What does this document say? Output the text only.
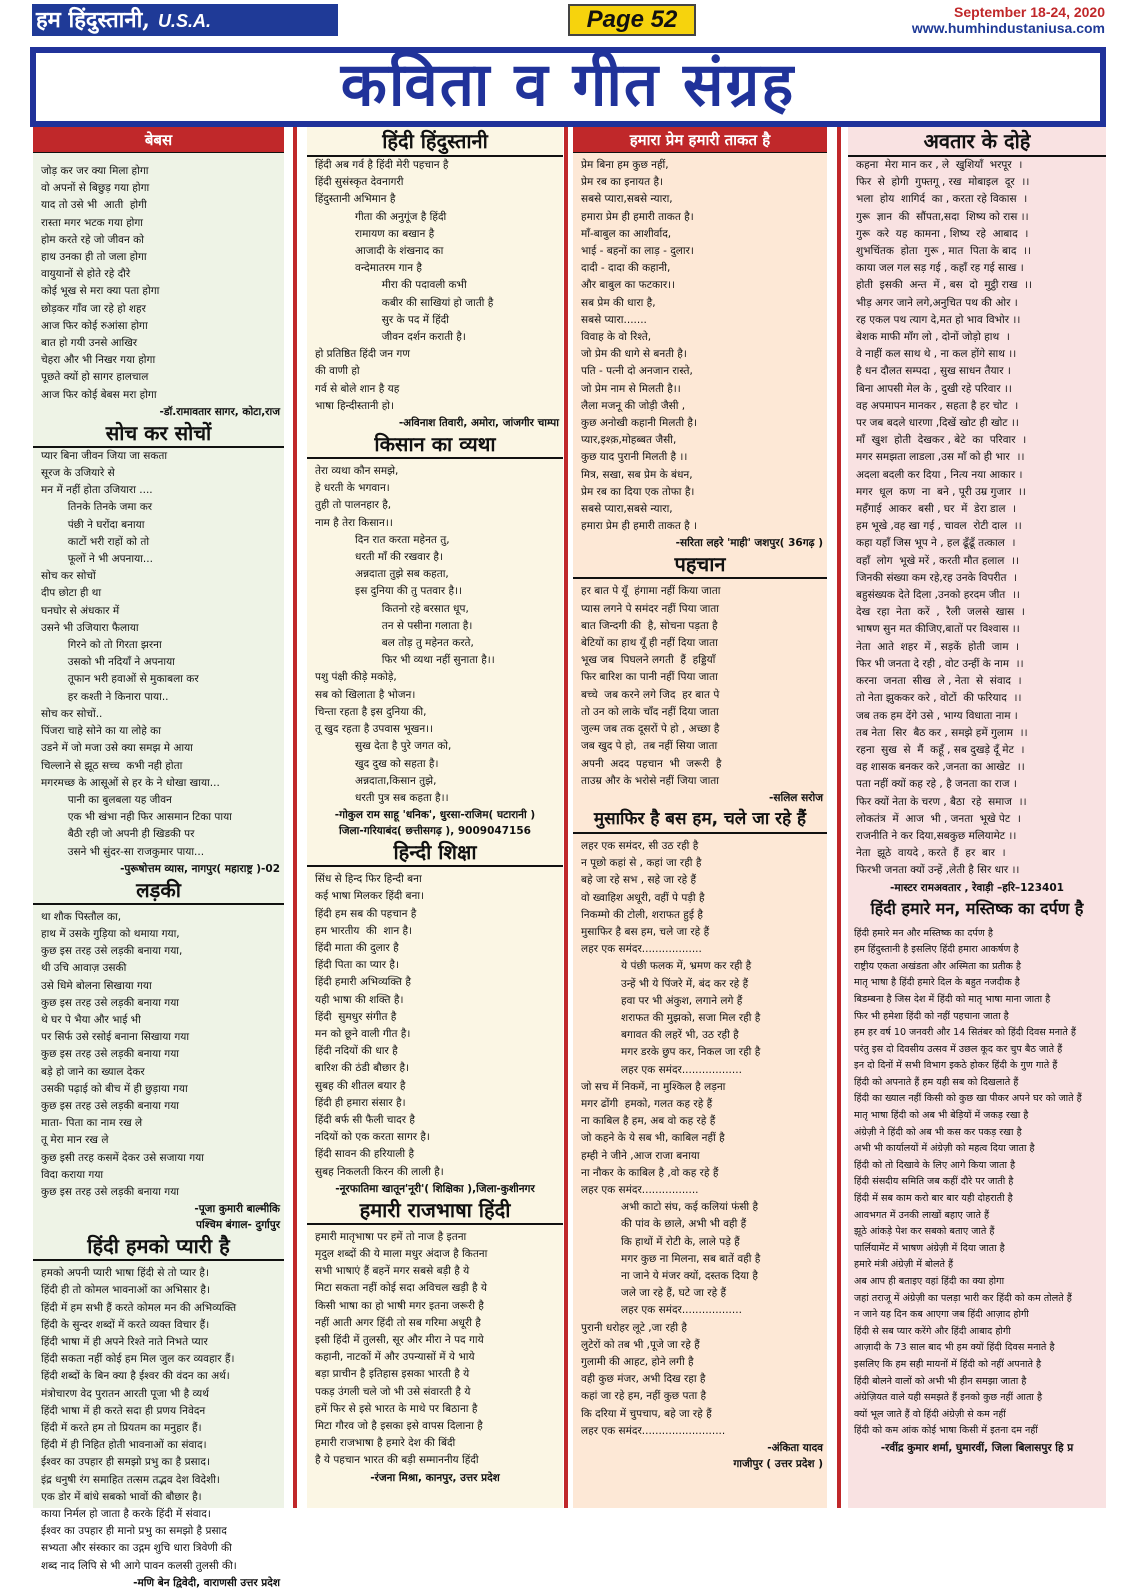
हम हिंदुस्तानी, U.S.A.	Page 52	September 18-24, 2020
www.humhindustaniusa.com
कविता व गीत संग्रह
बेबस
जोड़ कर जर क्या मिला होगा
वो अपनों से बिछुड़ गया होगा
याद तो उसे भी  आती  होगी
रास्ता मगर भटक गया होगा
होम करते रहे जो जीवन को
हाथ उनका ही तो जला होगा
वायुयानों से होते रहे दौरे
कोई भूख से मरा क्या पता होगा
छोड़कर गाँव जा रहे हो शहर
आज फिर कोई रुआंसा होगा
बात हो गयी उनसे आखिर
चेहरा और भी निखर गया होगा
पूछते क्यों हो सागर हालचाल
आज फिर कोई बेबस मरा होगा
-डॉ.रामावतार सागर, कोटा,राज
सोच कर सोचों
प्यार बिना जीवन जिया जा सकता
सूरज के उजियारे से
मन में नहीं होता उजियारा ....
तिनके तिनके जमा कर
पंछी ने घरोंदा बनाया
काटों भरी राहों को तो
फूलों ने भी अपनाया...
सोच कर सोचों
दीप छोटा ही था
घनघोर से अंधकार में
उसने भी उजियारा फैलाया
गिरने को तो गिरता झरना
उसको भी नदियाँ ने अपनाया
तूफान भरी हवाओं से मुकाबला कर
हर कश्ती ने किनारा पाया..
सोच कर सोचों..
पिंजरा चाहे सोने का या लोहे का
उडने में जो मजा उसे क्या समझ मे आया
चिल्लाने से झूठ सच्च  कभी नही होता
मगरमच्छ के आसूओं से हर के ने धोखा खाया...
पानी का बुलबला यह जीवन
एक भी खंभा नही फिर आसमान टिका पाया
बैठी रही जो अपनी ही खिडकी पर
उसने भी सुंदर-सा राजकुमार पाया...
-पुरूषोत्तम व्यास, नागपुर( महाराष्ट्र )-02
लड़की
था शौक पिस्तौल का,
हाथ में उसके गुड़िया को थमाया गया,
कुछ इस तरह उसे लड़की बनाया गया,
थी उचि आवाज़ उसकी
उसे धिमे बोलना सिखाया गया
कुछ इस तरह उसे लड़की बनाया गया
थे घर पे भैया और भाई भी
पर सिर्फ उसे रसोई बनाना सिखाया गया
कुछ इस तरह उसे लड़की बनाया गया
बड़े हो जाने का ख्याल देकर
उसकी पढ़ाई को बीच में ही छुड़ाया गया
कुछ इस तरह उसे लड़की बनाया गया
माता- पिता का नाम रख ले
तू मेरा मान रख ले
कुछ इसी तरह कसमें देकर उसे सजाया गया
विदा कराया गया
कुछ इस तरह उसे लड़की बनाया गया
-पूजा कुमारी बाल्मीकि
पश्चिम बंगाल- दुर्गापुर
हिंदी हमको प्यारी है
हमको अपनी प्यारी भाषा हिंदी से तो प्यार है।
हिंदी ही तो कोमल भावनाओं का अभिसार है।
हिंदी में हम सभी हैं करते कोमल मन की अभिव्यक्ति
हिंदी के सुन्दर शब्दों में करते व्यक्त विचार हैं।
हिंदी भाषा में ही अपने रिश्ते नाते निभते प्यार
हिंदी सकता नहीं कोई हम मिल जुल कर व्यवहार हैं।
हिंदी शब्दों के बिन क्या है ईश्वर की वंदन का अर्थ।
मंत्रोचारण वेद पुरातन आरती पूजा भी है व्यर्थ
हिंदी भाषा में ही करते सदा ही प्रणय निवेदन
हिंदी में करते हम तो प्रियतम का मनुहार हैं।
हिंदी में ही निहित होती भावनाओं का संवाद।
ईश्वर का उपहार ही समझो प्रभु का है प्रसाद।
इंद्र धनुषी रंग समाहित तत्सम तद्भव देश विदेशी।
एक डोर में बांधे सबको भावों की बौछार है।
काया निर्मल हो जाता है करके हिंदी में संवाद।
ईश्वर का उपहार ही मानो प्रभु का समझो है प्रसाद
सभ्यता और संस्कार का उद्गम शुचि धारा त्रिवेणी की
शब्द नाद लिपि से भी आगे पावन कलसी तुलसी की।
-मणि बेन द्विवेदी, वाराणसी उत्तर प्रदेश
हिंदी हिंदुस्तानी
हिंदी अब गर्व है हिंदी मेरी पहचान है
हिंदी सुसंस्कृत देवनागरी
हिंदुस्तानी अभिमान है
गीता की अनुगूंज है हिंदी
रामायण का बखान है
आजादी के शंखनाद का
वन्देमातरम गान है
मीरा की पदावली कभी
कबीर की साखियां हो जाती है
सुर के पद में हिंदी
जीवन दर्शन कराती है।
हो प्रतिष्ठित हिंदी जन गण
की वाणी हो
गर्व से बोले शान है यह
भाषा हिन्दीस्तानी हो।
-अविनाश तिवारी, अमोरा, जांजगीर चाम्पा
किसान का व्यथा
तेरा व्यथा कौन समझे,
हे धरती के भगवान।
तुही तो पालनहार है,
नाम है तेरा किसान।।
दिन रात करता महेनत तु,
धरती माँ की रखवार है।
अन्नदाता तुझे सब कहता,
इस दुनिया की तु पतवार है।।
कितनो रहे बरसात धूप,
तन से पसीना गलाता है।
बल तोड़ तु महेनत करते,
फिर भी व्यथा नहीं सुनाता है।।
पशु पंक्षी कीड़े मकोड़े,
सब को खिलाता है भोजन।
चिन्ता रहता है इस दुनिया की,
तू खुद रहता है उपवास भूखन।।
सुख देता है पुरे जगत को,
खुद दुख को सहता है।
अन्नदाता,किसान तुझे,
धरती पुत्र सब कहता है।।
-गोकुल राम साहू 'धनिक', धुरसा-राजिम( घटारानी )
जिला-गरियाबंद( छत्तीसगढ़ ), 9009047156
हिन्दी शिक्षा
सिंध से हिन्द फिर हिन्दी बना
कई भाषा मिलकर हिंदी बना।
हिंदी हम सब की पहचान है
हम भारतीय  की  शान है।
हिंदी माता की दुलार है
हिंदी पिता का प्यार है।
हिंदी हमारी अभिव्यक्ति है
यही भाषा की शक्ति है।
हिंदी  सुमधुर संगीत है
मन को छूने वाली गीत है।
हिंदी नदियों की धार है
बारिश की ठंडी बौछार है।
सुबह की शीतल बयार है
हिंदी ही हमारा संसार है।
हिंदी बर्फ सी फैली चादर है
नदियों को एक करता सागर है।
हिंदी सावन की हरियाली है
सुबह निकलती किरन की लाली है।
-नूरफातिमा खातून'नूरी'( शिक्षिका ),जिला-कुशीनगर
हमारी राजभाषा हिंदी
हमारी मातृभाषा पर हमें तो नाज है इतना
मृदुल शब्दों की ये माला मधुर अंदाज है कितना
सभी भाषाएं हैं बहनें मगर सबसे बड़ी है ये
मिटा सकता नहीं कोई सदा अविचल खड़ी है ये
किसी भाषा का हो भाषी मगर इतना जरूरी है
नहीं आती अगर हिंदी तो सब गरिमा अधूरी है
इसी हिंदी में तुलसी, सूर और मीरा ने पद गाये
कहानी, नाटकों में और उपन्यासों में ये भाये
बड़ा प्राचीन है इतिहास इसका भारती है ये
पकड़ उंगली चले जो भी उसे संवारती है ये
हमें फिर से इसे भारत के माथे पर बिठाना है
मिटा गौरव जो है इसका इसे वापस दिलाना है
हमारी राजभाषा है हमारे देश की बिंदी
है ये पहचान भारत की बड़ी सम्माननीय हिंदी
-रंजना मिश्रा, कानपुर, उत्तर प्रदेश
हमारा प्रेम हमारी ताकत है
प्रेम बिना हम कुछ नहीं,
प्रेम रब का इनायत है।
सबसे प्यारा,सबसे न्यारा,
हमारा प्रेम ही हमारी ताकत है।
माँ-बाबुल का आशीर्वाद,
भाई - बहनों का लाड़ - दुलार।
दादी - दादा की कहानी,
और बाबुल का फटकार।।
सब प्रेम की धारा है,
सबसे प्यारा.......
विवाह के वो रिश्ते,
जो प्रेम की धागे से बनती है।
पति - पत्नी दो अनजान रास्ते,
जो प्रेम नाम से मिलती है।।
लैला मजनू की जोड़ी जैसी ,
कुछ अनोखी कहानी मिलती है।
प्यार,इश्क़,मोहब्बत जैसी,
कुछ याद पुरानी मिलती है ।।
मित्र, सखा, सब प्रेम के बंधन,
प्रेम रब का दिया एक तोफा है।
सबसे प्यारा,सबसे न्यारा,
हमारा प्रेम ही हमारी ताकत है ।
-सरिता लहरे 'माही' जशपुर( 36गढ़ )
पहचान
हर बात पे यूँ  हंगामा नहीं किया जाता
प्यास लगने पे समंदर नहीं पिया जाता
बात जिन्दगी की  है, सोचना पड़ता है
बेटियों का हाथ यूँ ही नहीं दिया जाता
भूख जब  पिघलने लगती  हैं  हड्डियाँ
फिर बारिश का पानी नहीं पिया जाता
बच्चे  जब करने लगे जिद  हर बात पे
तो उन को लाके चाँद नहीं दिया जाता
जुल्म जब तक दूसरों पे हो , अच्छा है
जब खुद पे हो,  तब नहीं सिया जाता
अपनी  अदद  पहचान  भी  जरूरी  है
ताउम्र और के भरोसे नहीं जिया जाता
-सलिल सरोज
मुसाफिर है बस हम, चले जा रहे हैं
लहर एक समंदर, सी उठ रही है
न पूछो कहां से , कहां जा रही है
बहे जा रहे सभ , सहे जा रहे हैं
वो ख्वाहिश अधूरी, वहीं पे पड़ी है
निकम्मो की टोली, शराफत हुई है
मुसाफिर है बस हम, चले जा रहे हैं
लहर एक समंदर..................
ये पंछी फलक में, भ्रमण कर रही है
उन्हें भी ये पिंजरे में, बंद कर रहे हैं
हवा पर भी अंकुश, लगाने लगे हैं
शराफत की मुझको, सजा मिल रही है
बगावत की लहरें भी, उठ रही है
मगर डरके छुप कर, निकल जा रही है
लहर एक समंदर..................
जो सच में निकमें, ना मुश्किल है लड़ना
मगर ढोंगी  हमको, गलत कह रहे हैं
ना काबिल है हम, अब वो कह रहे हैं
जो कहने के ये सब भी, काबिल नहीं है
हम्ही ने जीने ,आज राजा बनाया
ना नौकर के काबिल है ,वो कह रहे हैं
लहर एक समंदर.................
अभी काटो संघ, कई कलियां फंसी है
की पांव के छाले, अभी भी वही हैं
कि हाथों में रोटी के, लाले पड़े हैं
मगर कुछ ना मिलना, सब बातें वही है
ना जाने ये मंजर क्यों, दस्तक दिया है
जले जा रहे हैं, घटे जा रहे हैं
लहर एक समंदर..................
पुरानी धरोहर लूटे ,जा रही है
लुटेरों को तब भी ,पूजे जा रहे हैं
गुलामी की आहट, होने लगी है
वही कुछ मंजर, अभी दिख रहा है
कहां जा रहे हम, नहीं कुछ पता है
कि दरिया में चुपचाप, बहे जा रहे हैं
लहर एक समंदर.........................
-अंकिता यादव
गाजीपुर ( उत्तर प्रदेश )
अवतार के दोहे
कहना  मेरा मान कर , ले  खुशियाँ  भरपूर  ।
फिर  से  होगी  गुफ्तगू , रख  मोबाइल  दूर  ।।
भला  होय  शागिर्द  का , करता रहे विकास  ।
गुरू  ज्ञान  की  सौंपता,सदा  शिष्य को रास ।।
गुरू  करे  यह  कामना , शिष्य  रहे  आबाद  ।
शुभचिंतक  होता  गुरू , मात  पिता के बाद  ।।
काया जल गल सड़ गई , कहाँ रह गई साख ।
होती  इसकी  अन्त  में , बस  दो  मुट्ठी राख  ।।
भीड़ अगर जाने लगे,अनुचित पथ की ओर ।
रह एकल पथ त्याग दे,मत हो भाव विभोर ।।
बेशक माफी माँग लो , दोनों जोड़ो हाथ  ।
वे नाहीं कल साथ थे , ना कल होंगे साथ ।।
है धन दौलत सम्पदा , सुख साधन तैयार ।
बिना आपसी मेल के , दुखी रहे परिवार ।।
वह अपमापन मानकर , सहता है हर चोट  ।
पर जब बदले धारणा ,दिखें खोट ही खोट ।।
माँ  खुश  होती  देखकर , बेटे  का  परिवार  ।
मगर समझता लाडला ,उस माँ को ही भार  ।।
अदला बदली कर दिया , नित्य नया आकार ।
मगर  धूल  कण  ना  बने , पूरी उम्र गुजार  ।।
महँगाई  आकर  बसी , घर  में  डेरा डाल  ।
हम भूखे ,वह खा गई , चावल  रोटी दाल  ।।
कहा यहाँ जिस भूप ने , हल ढूँढूँ तत्काल  ।
वहाँ  लोग  भूखे मरें , करती मौत हलाल  ।।
जिनकी संख्या कम रहे,रह उनके विपरीत  ।
बहुसंख्यक देते दिला ,उनको हरदम जीत  ।।
देख  रहा  नेता  करें  ,  रैली  जलसे  खास  ।
भाषण सुन मत कीजिए,बातों पर विश्वास ।।
नेता  आते  शहर  में , सड़कें  होती  जाम  ।
फिर भी जनता दे रही , वोट उन्हीं के नाम  ।।
करना  जनता  सीख  ले , नेता  से  संवाद  ।
तो नेता झुककर करे , वोटों  की फरियाद  ।।
जब तक हम देंगे उसे , भाग्य विधाता नाम ।
तब नेता  सिर  बैठ कर , समझे हमें गुलाम  ।।
रहना  सुख  से  मैं  कहूँ , सब दुखड़े दूँ मेट  ।
वह शासक बनकर करे ,जनता का आखेट  ।।
पता नहीं क्यों कह रहे , है जनता का राज ।
फिर क्यों नेता के चरण , बैठा  रहे  समाज  ।।
लोकतंत्र  में  आज  भी , जनता  भूखे पेट  ।
राजनीति ने कर दिया,सबकुछ मलियामेट ।।
नेता  झूठे  वायदे , करते  हैं  हर  बार  ।
फिरभी जनता क्यों उन्हें ,लेती है सिर धार ।।
-मास्टर रामअवतार , रेवाड़ी –हरि–123401
हिंदी हमारे मन, मस्तिष्क का दर्पण है
हिंदी हमारे मन और मस्तिष्क का दर्पण है
हम हिंदुस्तानी है इसलिए हिंदी हमारा आकर्षण है
राष्ट्रीय एकता अखंडता और अस्मिता का प्रतीक है
मातृ भाषा है हिंदी हमारे दिल के बहुत नजदीक है
बिडम्बना है जिस देश में हिंदी को मातृ भाषा माना जाता है
फिर भी हमेशा हिंदी को नहीं पहचाना जाता है
हम हर वर्ष 10 जनवरी और 14 सितंबर को हिंदी दिवस मनाते हैं
परंतु इस दो दिवसीय उत्सव में उछल कूद कर चुप बैठ जाते हैं
इन दो दिनों में सभी विभाग इकठे होकर हिंदी के गुण गाते हैं
हिंदी को अपनाते हैं हम यही सब को दिखलाते हैं
हिंदी का ख्याल नहीं किसी को कुछ खा पीकर अपने घर को जाते हैं
मातृ भाषा हिंदी को अब भी बेड़ियों में जकड़ रखा है
अंग्रेज़ी ने हिंदी को अब भी कस कर पकड़ रखा है
अभी भी कार्यालयों में अंग्रेज़ी को महत्व दिया जाता है
हिंदी को तो दिखावे के लिए आगे किया जाता है
हिंदी संसदीय समिति जब कहीं दौरे पर जाती है
हिंदी में सब काम करो बार बार यही दोहराती है
आवभगत में उनकी लाखों बहाए जाते हैं
झूठे आंकड़े पेश कर सबको बताए जाते हैं
पार्लियामेंट में भाषण अंग्रेज़ी में दिया जाता है
हमारे मंत्री अंग्रेज़ी में बोलते हैं
अब आप ही बताइए वहां हिंदी का क्या होगा
जहां तराजू में अंग्रेज़ी का पलड़ा भारी कर हिंदी को कम तोलते हैं
न जाने यह दिन कब आएगा जब हिंदी आज़ाद होगी
हिंदी से सब प्यार करेंगे और हिंदी आबाद होगी
आज़ादी के 73 साल बाद भी हम क्यों हिंदी दिवस मनाते है
इसलिए कि हम सही मायनों में हिंदी को नहीं अपनाते है
हिंदी बोलने वालों को अभी भी हीन समझा जाता है
अंग्रेज़ियत वाले यही समझते हैं इनको कुछ नहीं आता है
क्यों भूल जाते हैं वो हिंदी अंग्रेज़ी से कम नहीं
हिंदी को कम आंक कोई भाषा किसी में इतना दम नहीं
-रवींद्र कुमार शर्मा, घुमारवीं, जिला बिलासपुर हि प्र
